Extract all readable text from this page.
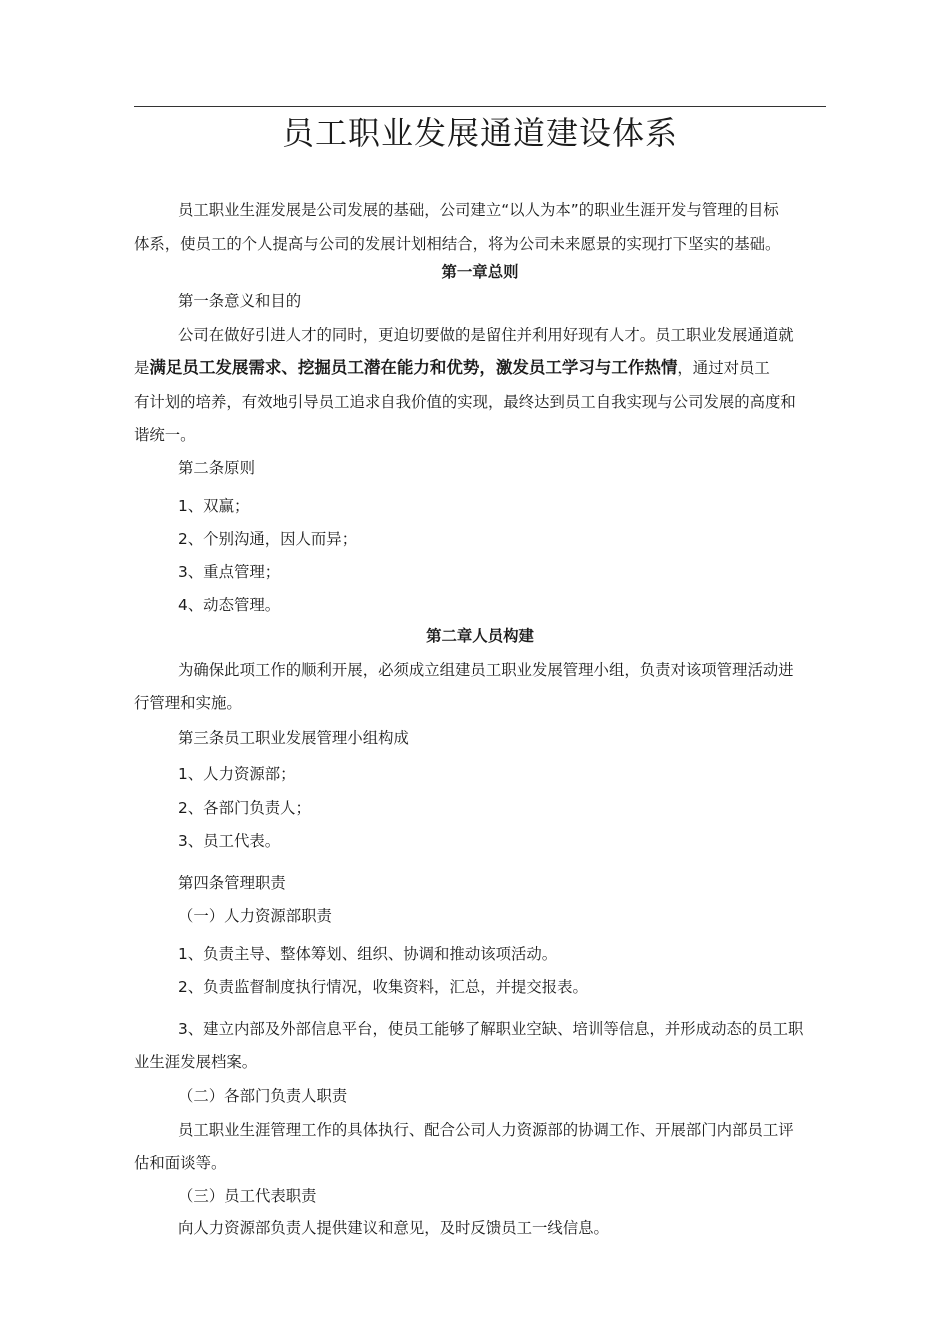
员工职业发展通道建设体系
员工职业生涯发展是公司发展的基础，公司建立“以人为本”的职业生涯开发与管理的目标
体系，使员工的个人提高与公司的发展计划相结合，将为公司未来愿景的实现打下坚实的基础。
第一章总则
第一条意义和目的
公司在做好引进人才的同时，更迫切要做的是留住并利用好现有人才。员工职业发展通道就
是满足员工发展需求、挖掘员工潜在能力和优势，激发员工学习与工作热情，通过对员工
有计划的培养，有效地引导员工追求自我价值的实现，最终达到员工自我实现与公司发展的高度和
谐统一。
第二条原则
1、双赢；
2、个别沟通，因人而异；
3、重点管理；
4、动态管理。
第二章人员构建
为确保此项工作的顺利开展，必须成立组建员工职业发展管理小组，负责对该项管理活动进
行管理和实施。
第三条员工职业发展管理小组构成
1、人力资源部；
2、各部门负责人；
3、员工代表。
第四条管理职责
（一）人力资源部职责
1、负责主导、整体筹划、组织、协调和推动该项活动。
2、负责监督制度执行情况，收集资料，汇总，并提交报表。
3、建立内部及外部信息平台，使员工能够了解职业空缺、培训等信息，并形成动态的员工职
业生涯发展档案。
（二）各部门负责人职责
员工职业生涯管理工作的具体执行、配合公司人力资源部的协调工作、开展部门内部员工评
估和面谈等。
（三）员工代表职责
向人力资源部负责人提供建议和意见，及时反馈员工一线信息。
